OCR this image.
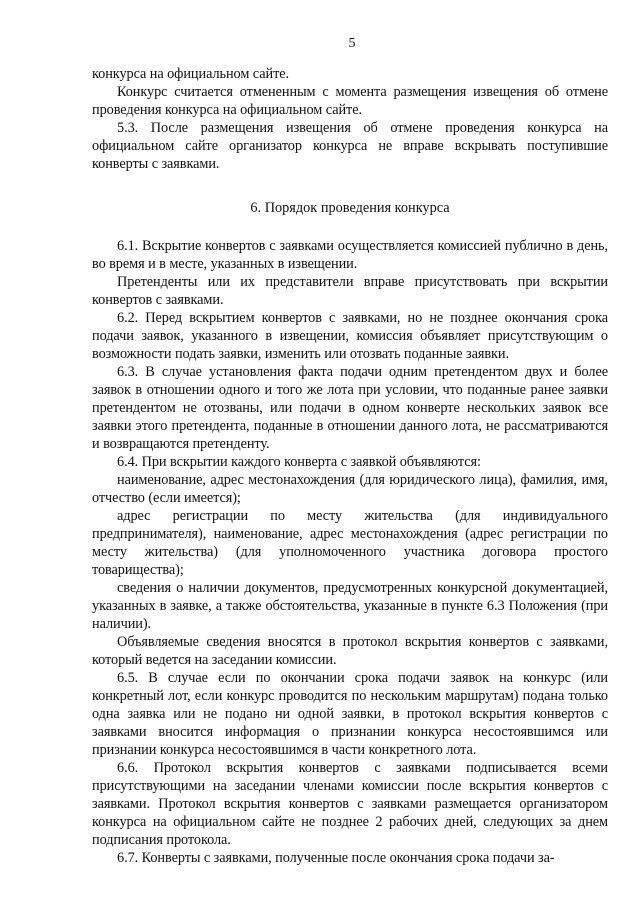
5

конкурса на официальном сайте.

Конкурс считается отмененным с момента размещения извещения об отмене проведения конкурса на официальном сайте.

5.3. После размещения извещения об отмене проведения конкурса на официальном сайте организатор конкурса не вправе вскрывать поступившие конверты с заявками.

6. Порядок проведения конкурса

6.1. Вскрытие конвертов с заявками осуществляется комиссией публично в день, во время и в месте, указанных в извещении.

Претенденты или их представители вправе присутствовать при вскрытии конвертов с заявками.

6.2. Перед вскрытием конвертов с заявками, но не позднее окончания срока подачи заявок, указанного в извещении, комиссия объявляет присутствующим о возможности подать заявки, изменить или отозвать поданные заявки.

6.3. В случае установления факта подачи одним претендентом двух и более заявок в отношении одного и того же лота при условии, что поданные ранее заявки претендентом не отозваны, или подачи в одном конверте нескольких заявок все заявки этого претендента, поданные в отношении данного лота, не рассматриваются и возвращаются претенденту.

6.4. При вскрытии каждого конверта с заявкой объявляются:

наименование, адрес местонахождения (для юридического лица), фамилия, имя, отчество (если имеется);

адрес регистрации по месту жительства (для индивидуального предпринимателя), наименование, адрес местонахождения (адрес регистрации по месту жительства) (для уполномоченного участника договора простого товарищества);

сведения о наличии документов, предусмотренных конкурсной документацией, указанных в заявке, а также обстоятельства, указанные в пункте 6.3 Положения (при наличии).

Объявляемые сведения вносятся в протокол вскрытия конвертов с заявками, который ведется на заседании комиссии.

6.5. В случае если по окончании срока подачи заявок на конкурс (или конкретный лот, если конкурс проводится по нескольким маршрутам) подана только одна заявка или не подано ни одной заявки, в протокол вскрытия конвертов с заявками вносится информация о признании конкурса несостоявшимся или признании конкурса несостоявшимся в части конкретного лота.

6.6. Протокол вскрытия конвертов с заявками подписывается всеми присутствующими на заседании членами комиссии после вскрытия конвертов с заявками. Протокол вскрытия конвертов с заявками размещается организатором конкурса на официальном сайте не позднее 2 рабочих дней, следующих за днем подписания протокола.

6.7. Конверты с заявками, полученные после окончания срока подачи за-
